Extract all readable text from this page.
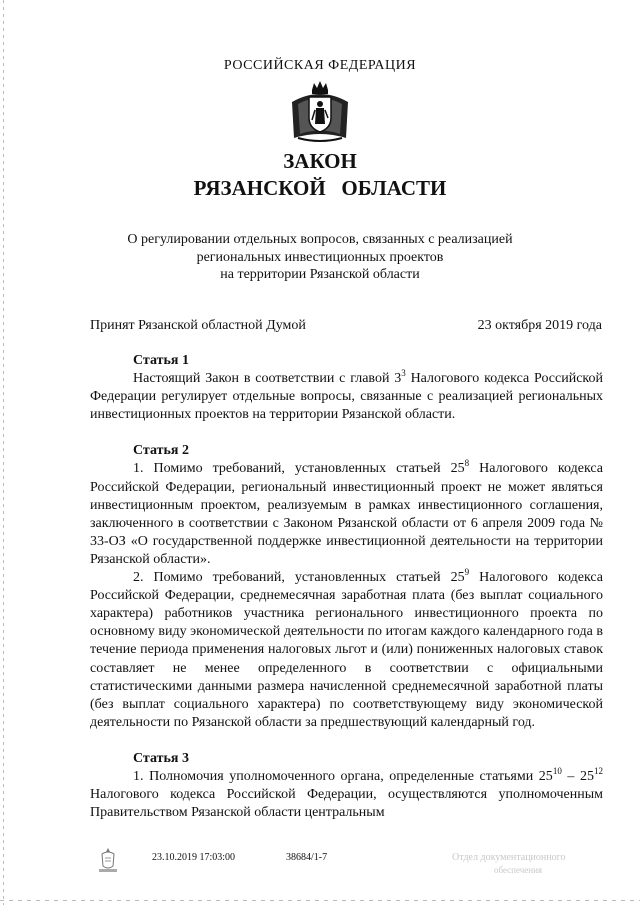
РОССИЙСКАЯ ФЕДЕРАЦИЯ
ЗАКОН
РЯЗАНСКОЙ   ОБЛАСТИ
О регулировании отдельных вопросов, связанных с реализацией
региональных инвестиционных проектов
на территории Рязанской области
Принят Рязанской областной Думой	23 октября 2019 года

Статья 1

Настоящий Закон в соответствии с главой $3^3$ Налогового кодекса Российской Федерации регулирует отдельные вопросы, связанные с реализацией региональных инвестиционных проектов на территории Рязанской области.

Статья 2

1. Помимо требований, установленных статьей $25^8$ Налогового кодекса Российской Федерации, региональный инвестиционный проект не может являться инвестиционным проектом, реализуемым в рамках инвестиционного соглашения, заключенного в соответствии с Законом Рязанской области от 6 апреля 2009 года № 33-ОЗ «О государственной поддержке инвестиционной деятельности на территории Рязанской области».

2. Помимо требований, установленных статьей $25^9$ Налогового кодекса Российской Федерации, среднемесячная заработная плата (без выплат социального характера) работников участника регионального инвестиционного проекта по основному виду экономической деятельности по итогам каждого календарного года в течение периода применения налоговых льгот и (или) пониженных налоговых ставок составляет не менее определенного в соответствии с официальными статистическими данными размера начисленной среднемесячной заработной платы (без выплат социального характера) по соответствующему виду экономической деятельности по Рязанской области за предшествующий календарный год.

Статья 3

1. Полномочия уполномоченного органа, определенные статьями $25^{10} - 25^{12}$ Налогового кодекса Российской Федерации, осуществляются уполномоченным Правительством Рязанской области центральным

23.10.2019 17:03:00	38684/1-7	Отдел документационного
обеспечения
